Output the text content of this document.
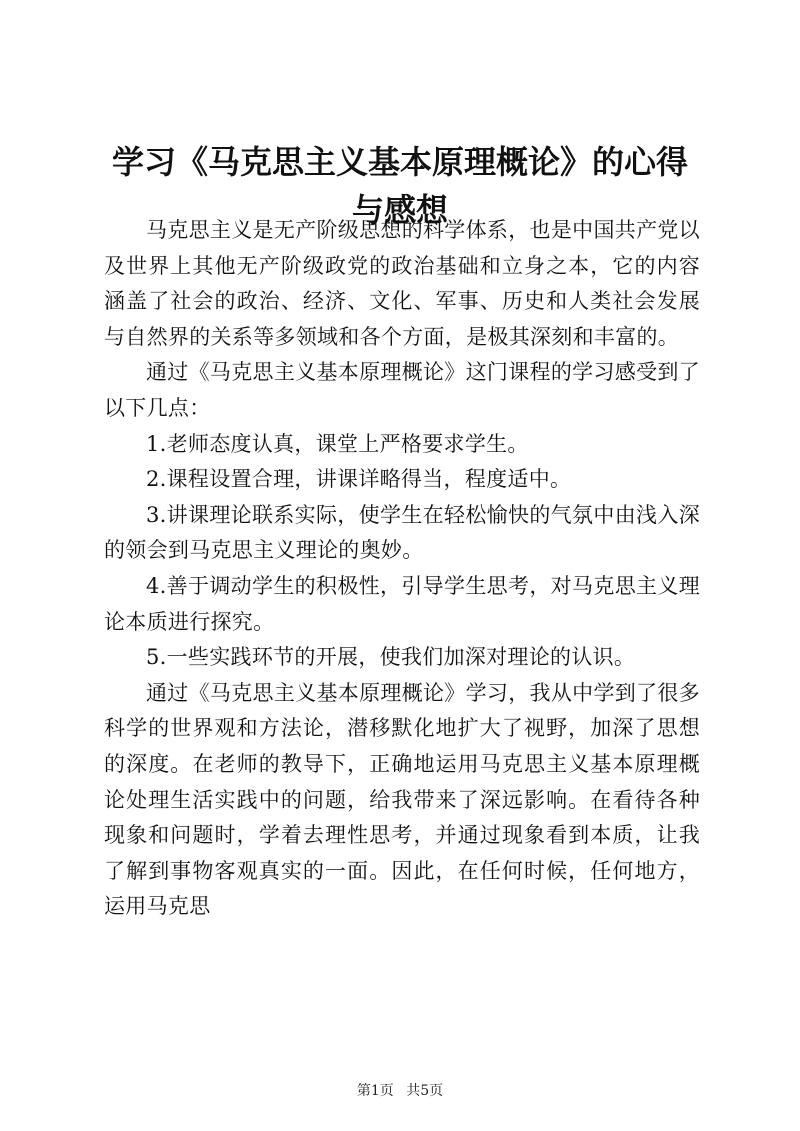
学习《马克思主义基本原理概论》的心得与感想

马克思主义是无产阶级思想的科学体系，也是中国共产党以及世界上其他无产阶级政党的政治基础和立身之本，它的内容涵盖了社会的政治、经济、文化、军事、历史和人类社会发展与自然界的关系等多领域和各个方面，是极其深刻和丰富的。

通过《马克思主义基本原理概论》这门课程的学习感受到了以下几点：

1.老师态度认真，课堂上严格要求学生。

2.课程设置合理，讲课详略得当，程度适中。

3.讲课理论联系实际，使学生在轻松愉快的气氛中由浅入深的领会到马克思主义理论的奥妙。

4.善于调动学生的积极性，引导学生思考，对马克思主义理论本质进行探究。

5.一些实践环节的开展，使我们加深对理论的认识。

通过《马克思主义基本原理概论》学习，我从中学到了很多科学的世界观和方法论，潜移默化地扩大了视野，加深了思想的深度。在老师的教导下，正确地运用马克思主义基本原理概论处理生活实践中的问题，给我带来了深远影响。在看待各种现象和问题时，学着去理性思考，并通过现象看到本质，让我了解到事物客观真实的一面。因此，在任何时候，任何地方，运用马克思

第1页 共5页
